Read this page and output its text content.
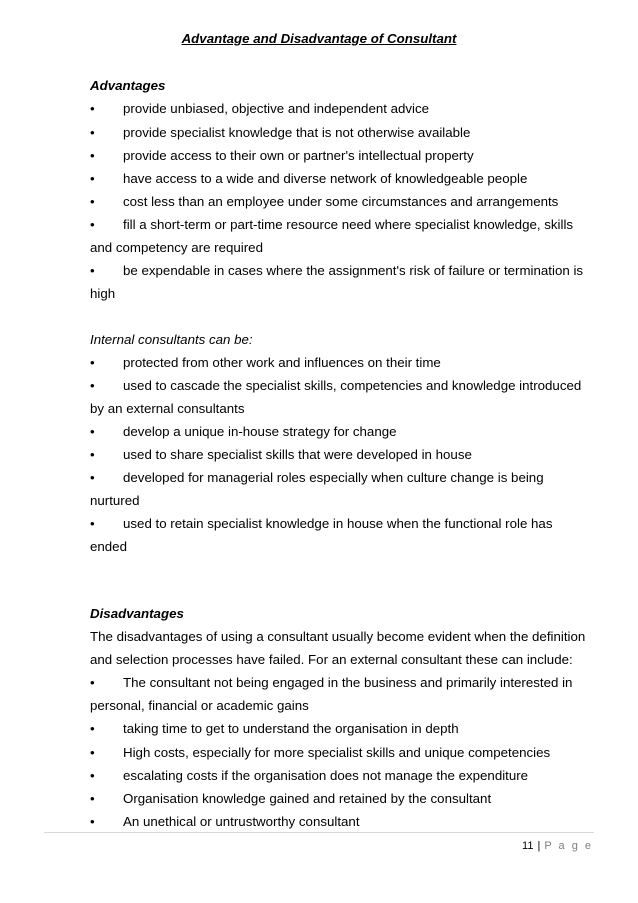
Advantage and Disadvantage of Consultant
Advantages
• provide unbiased, objective and independent advice
• provide specialist knowledge that is not otherwise available
• provide access to their own or partner's intellectual property
• have access to a wide and diverse network of knowledgeable people
• cost less than an employee under some circumstances and arrangements
• fill a short-term or part-time resource need where specialist knowledge, skills
and competency are required
• be expendable in cases where the assignment's risk of failure or termination is
high
Internal consultants can be:
• protected from other work and influences on their time
• used to cascade the specialist skills, competencies and knowledge introduced
by an external consultants
• develop a unique in-house strategy for change
• used to share specialist skills that were developed in house
• developed for managerial roles especially when culture change is being
nurtured
• used to retain specialist knowledge in house when the functional role has
ended
Disadvantages
The disadvantages of using a consultant usually become evident when the definition
and selection processes have failed. For an external consultant these can include:
• The consultant not being engaged in the business and primarily interested in
personal, financial or academic gains
• taking time to get to understand the organisation in depth
• High costs, especially for more specialist skills and unique competencies
• escalating costs if the organisation does not manage the expenditure
• Organisation knowledge gained and retained by the consultant
• An unethical or untrustworthy consultant
11 | P a g e
